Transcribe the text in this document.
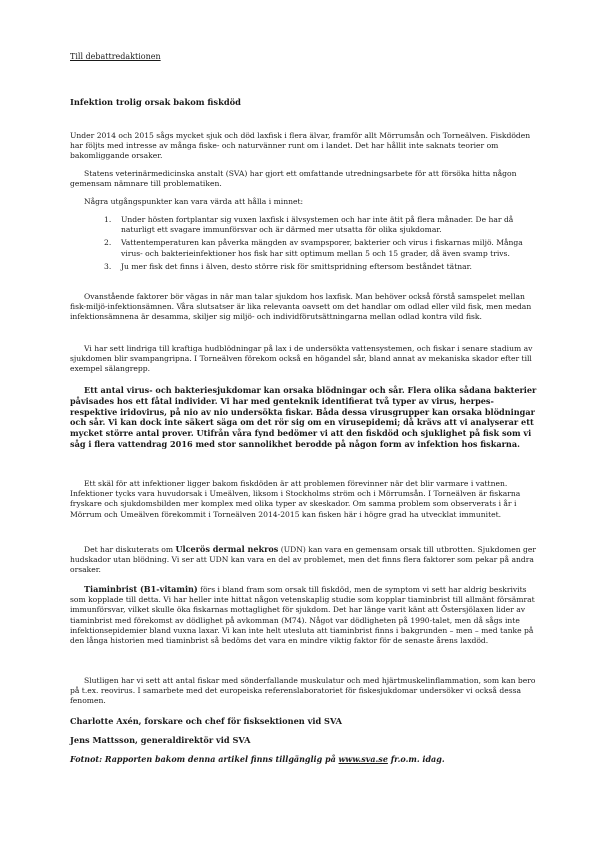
Till debattredaktionen

Infektion trolig orsak bakom fiskdöd

Under 2014 och 2015 sågs mycket sjuk och död laxfisk i flera älvar, framför allt Mörrumsån och Torneälven. Fiskdöden har följts med intresse av många fiske- och naturvänner runt om i landet. Det har hållit inte saknats teorier om bakomliggande orsaker.

Statens veterinärmedicinska anstalt (SVA) har gjort ett omfattande utredningsarbete för att försöka hitta någon gemensam nämnare till problematiken.

Några utgångspunkter kan vara värda att hålla i minnet:

1. Under hösten fortplantar sig vuxen laxfisk i älvsystemen och har inte ätit på flera månader. De har då naturligt ett svagare immunförsvar och är därmed mer utsatta för olika sjukdomar.
2. Vattentemperaturen kan påverka mängden av svampsporer, bakterier och virus i fiskarnas miljö. Många virus- och bakterieinfektioner hos fisk har sitt optimum mellan 5 och 15 grader, då även svamp trivs.
3. Ju mer fisk det finns i älven, desto större risk för smittspridning eftersom beståndet tätnar.

Ovanstående faktorer bör vägas in när man talar sjukdom hos laxfisk. Man behöver också förstå samspelet mellan fisk-miljö-infektionsämnen. Våra slutsatser är lika relevanta oavsett om det handlar om odlad eller vild fisk, men medan infektionsämnena är desamma, skiljer sig miljö- och individförutsättningarna mellan odlad kontra vild fisk.

Vi har sett lindriga till kraftiga hudblödningar på lax i de undersökta vattensystemen, och fiskar i senare stadium av sjukdomen blir svampangripna. I Torneälven förekom också en högandel sår, bland annat av mekaniska skador efter till exempel sälangrepp.

Ett antal virus- och bakteriesjukdomar kan orsaka blödningar och sår. Flera olika sådana bakterier påvisades hos ett fåtal individer. Vi har med genteknik identifierat två typer av virus, herpes- respektive iridovirus, på nio av nio undersökta fiskar. Båda dessa virusgrupper kan orsaka blödningar och sår. Vi kan dock inte säkert säga om det rör sig om en virusepidemi; då krävs att vi analyserar ett mycket större antal prover. Utifrån våra fynd bedömer vi att den fiskdöd och sjuklighet på fisk som vi såg i flera vattendrag 2016 med stor sannolikhet berodde på någon form av infektion hos fiskarna.

Ett skäl för att infektioner ligger bakom fiskdöden är att problemen förevinner när det blir varmare i vattnen. Infektioner tycks vara huvudorsak i Umeälven, liksom i Stockholms ström och i Mörrumsån. I Torneälven är fiskarna fryskare och sjukdomsbilden mer komplex med olika typer av skeskador. Om samma problem som observerats i år i Mörrum och Umeälven förekommit i Torneälven 2014-2015 kan fisken här i högre grad ha utvecklat immunitet.

Det har diskuterats om Ulcerös dermal nekros (UDN) kan vara en gemensam orsak till utbrotten. Sjukdomen ger hudskador utan blödning. Vi ser att UDN kan vara en del av problemet, men det finns flera faktorer som pekar på andra orsaker.

Tiaminbrist (B1-vitamin) förs i bland fram som orsak till fiskdöd, men de symptom vi sett har aldrig beskrivits som kopplade till detta. Vi har heller inte hittat någon vetenskaplig studie som kopplar tiaminbrist till allmänt försämrat immunförsvar, vilket skulle öka fiskarnas mottaglighet för sjukdom. Det har länge varit känt att Östersjölaxen lider av tiaminbrist med förekomst av dödlighet på avkomman (M74). Något var dödligheten på 1990-talet, men då sågs inte infektionsepidemier bland vuxna laxar. Vi kan inte helt utesluta att tiaminbrist finns i bakgrunden – men – med tanke på den långa historien med tiaminbrist så bedöms det vara en mindre viktig faktor för de senaste årens laxdöd.

Slutligen har vi sett att antal fiskar med sönderfallande muskulatur och med hjärtmuskelinflammation, som kan bero på t.ex. reovirus. I samarbete med det europeiska referenslaboratoriet för fiskesjukdomar undersöker vi också dessa fenomen.

Charlotte Axén, forskare och chef för fisksektionen vid SVA

Jens Mattsson, generaldirektör vid SVA

Fotnot: Rapporten bakom denna artikel finns tillgänglig på www.sva.se fr.o.m. idag.
